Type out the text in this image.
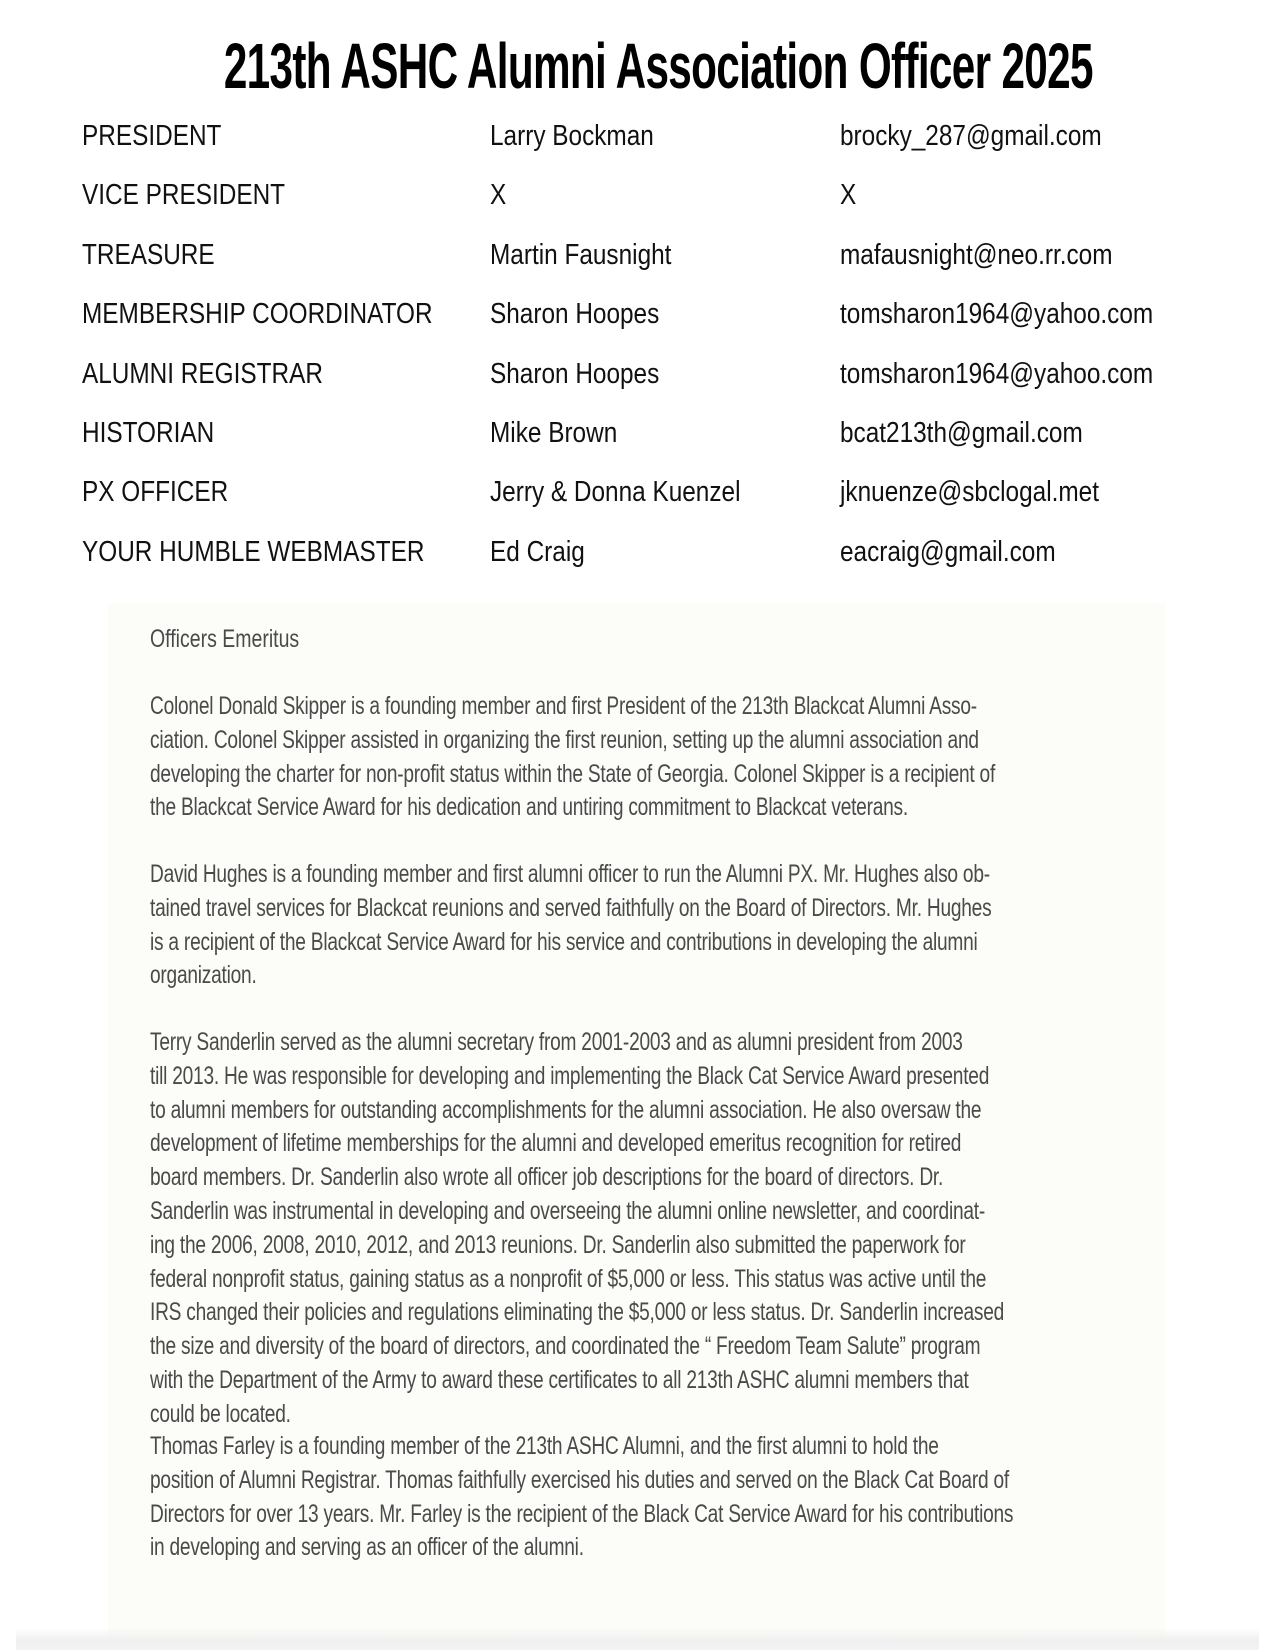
213th ASHC Alumni Association Officer 2025
PRESIDENT	Larry Bockman	brocky_287@gmail.com
VICE PRESIDENT	X	X
TREASURE	Martin Fausnight	mafausnight@neo.rr.com
MEMBERSHIP COORDINATOR Sharon Hoopes	tomsharon1964@yahoo.com
ALUMNI REGISTRAR	Sharon Hoopes	tomsharon1964@yahoo.com
HISTORIAN	Mike Brown	bcat213th@gmail.com
PX OFFICER	Jerry & Donna Kuenzel	jknuenze@sbclogal.met
YOUR HUMBLE WEBMASTER Ed Craig	eacraig@gmail.com
Officers Emeritus
Colonel Donald Skipper is a founding member and first President of the 213th Blackcat Alumni Asso-
ciation. Colonel Skipper assisted in organizing the first reunion, setting up the alumni association and
developing the charter for non-profit status within the State of Georgia. Colonel Skipper is a recipient of
the Blackcat Service Award for his dedication and untiring commitment to Blackcat veterans.
David Hughes is a founding member and first alumni officer to run the Alumni PX. Mr. Hughes also ob-
tained travel services for Blackcat reunions and served faithfully on the Board of Directors. Mr. Hughes
is a recipient of the Blackcat Service Award for his service and contributions in developing the alumni
organization.
Terry Sanderlin served as the alumni secretary from 2001-2003 and as alumni president from 2003
till 2013. He was responsible for developing and implementing the Black Cat Service Award presented
to alumni members for outstanding accomplishments for the alumni association. He also oversaw the
development of lifetime memberships for the alumni and developed emeritus recognition for retired
board members. Dr. Sanderlin also wrote all officer job descriptions for the board of directors. Dr.
Sanderlin was instrumental in developing and overseeing the alumni online newsletter, and coordinat-
ing the 2006, 2008, 2010, 2012, and 2013 reunions. Dr. Sanderlin also submitted the paperwork for
federal nonprofit status, gaining status as a nonprofit of $5,000 or less. This status was active until the
IRS changed their policies and regulations eliminating the $5,000 or less status. Dr. Sanderlin increased
the size and diversity of the board of directors, and coordinated the “ Freedom Team Salute” program
with the Department of the Army to award these certificates to all 213th ASHC alumni members that
could be located.
Thomas Farley is a founding member of the 213th ASHC Alumni, and the first alumni to hold the
position of Alumni Registrar. Thomas faithfully exercised his duties and served on the Black Cat Board of
Directors for over 13 years. Mr. Farley is the recipient of the Black Cat Service Award for his contributions
in developing and serving as an officer of the alumni.
